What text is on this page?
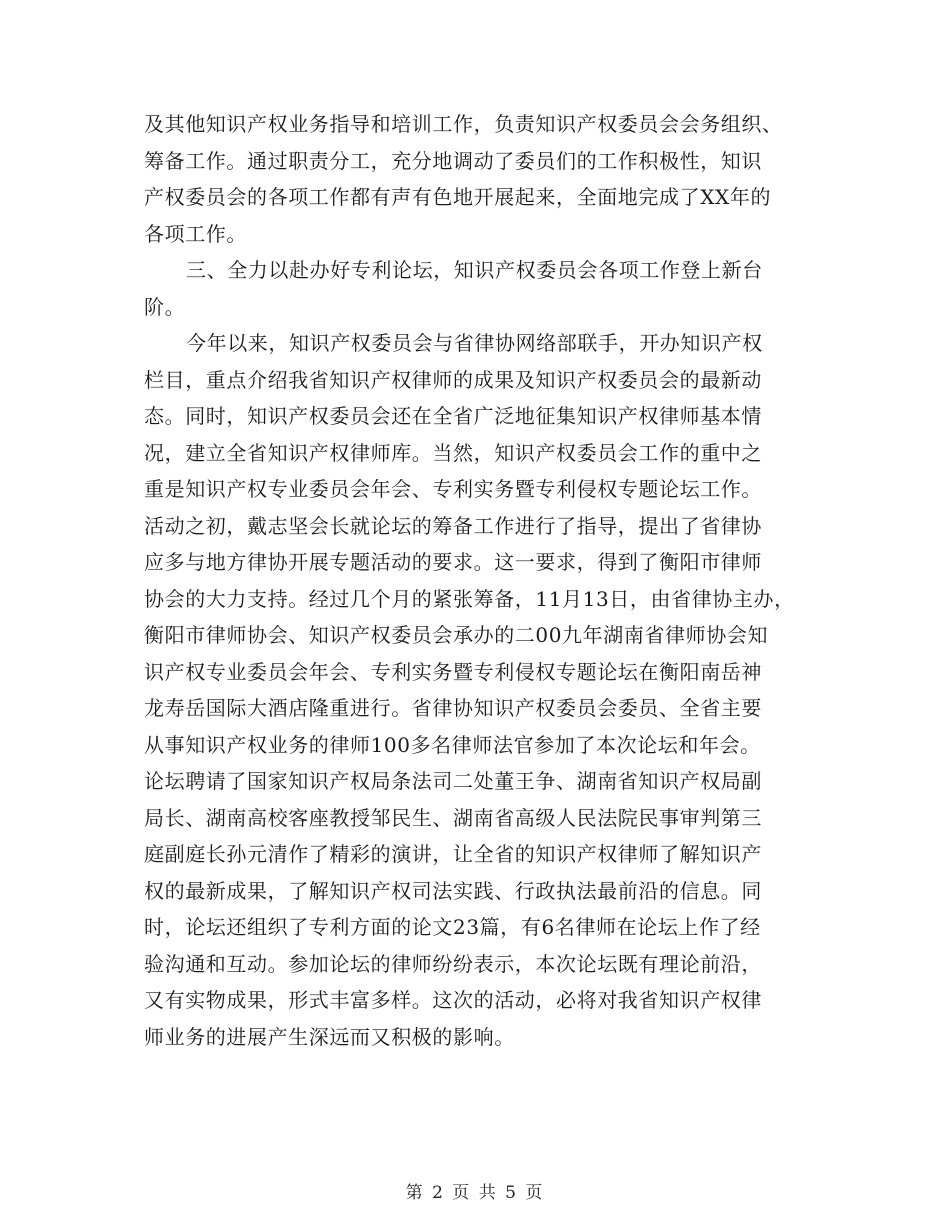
及其他知识产权业务指导和培训工作，负责知识产权委员会会务组织、
筹备工作。通过职责分工，充分地调动了委员们的工作积极性，知识
产权委员会的各项工作都有声有色地开展起来，全面地完成了XX年的
各项工作。
三、全力以赴办好专利论坛，知识产权委员会各项工作登上新台
阶。
今年以来，知识产权委员会与省律协网络部联手，开办知识产权
栏目，重点介绍我省知识产权律师的成果及知识产权委员会的最新动
态。同时，知识产权委员会还在全省广泛地征集知识产权律师基本情
况，建立全省知识产权律师库。当然，知识产权委员会工作的重中之
重是知识产权专业委员会年会、专利实务暨专利侵权专题论坛工作。
活动之初，戴志坚会长就论坛的筹备工作进行了指导，提出了省律协
应多与地方律协开展专题活动的要求。这一要求，得到了衡阳市律师
协会的大力支持。经过几个月的紧张筹备，11月13日，由省律协主办，
衡阳市律师协会、知识产权委员会承办的二00九年湖南省律师协会知
识产权专业委员会年会、专利实务暨专利侵权专题论坛在衡阳南岳神
龙寿岳国际大酒店隆重进行。省律协知识产权委员会委员、全省主要
从事知识产权业务的律师100多名律师法官参加了本次论坛和年会。
论坛聘请了国家知识产权局条法司二处董王争、湖南省知识产权局副
局长、湖南高校客座教授邹民生、湖南省高级人民法院民事审判第三
庭副庭长孙元清作了精彩的演讲，让全省的知识产权律师了解知识产
权的最新成果，了解知识产权司法实践、行政执法最前沿的信息。同
时，论坛还组织了专利方面的论文23篇，有6名律师在论坛上作了经
验沟通和互动。参加论坛的律师纷纷表示，本次论坛既有理论前沿，
又有实物成果，形式丰富多样。这次的活动，必将对我省知识产权律
师业务的进展产生深远而又积极的影响。
第 2 页 共 5 页
